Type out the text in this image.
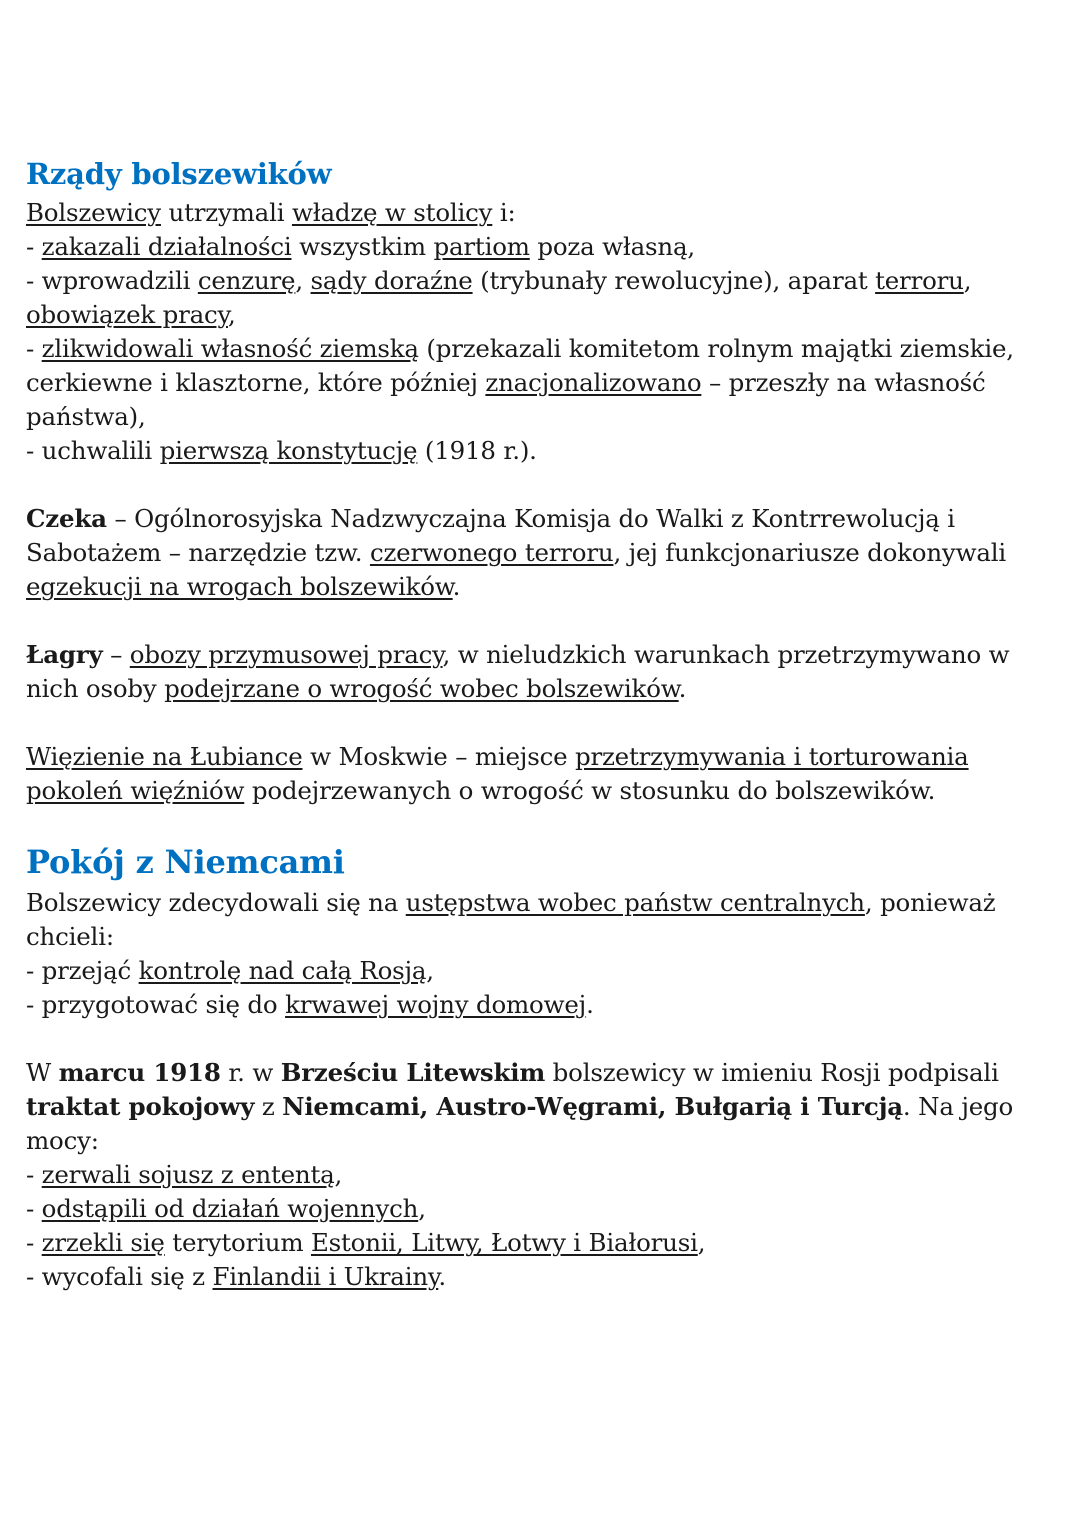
Rządy bolszewików

Bolszewicy utrzymali władzę w stolicy i:

- zakazali działalności wszystkim partiom poza własną,

- wprowadzili cenzurę, sądy doraźne (trybunały rewolucyjne), aparat terroru, obowiązek pracy,

- zlikwidowali własność ziemską (przekazali komitetom rolnym majątki ziemskie, cerkiewne i klasztorne, które później znacjonalizowano – przeszły na własność państwa),

- uchwalili pierwszą konstytucję (1918 r.).

Czeka – Ogólnorosyjska Nadzwyczajna Komisja do Walki z Kontrrewolucją i Sabotażem – narzędzie tzw. czerwonego terroru, jej funkcjonariusze dokonywali egzekucji na wrogach bolszewików.

Łagry – obozy przymusowej pracy, w nieludzkich warunkach przetrzymywano w nich osoby podejrzane o wrogość wobec bolszewików.

Więzienie na Łubiance w Moskwie – miejsce przetrzymywania i torturowania pokoleń więźniów podejrzewanych o wrogość w stosunku do bolszewików.

Pokój z Niemcami

Bolszewicy zdecydowali się na ustępstwa wobec państw centralnych, ponieważ chcieli:

- przejąć kontrolę nad całą Rosją,

- przygotować się do krwawej wojny domowej.

W marcu 1918 r. w Brześciu Litewskim bolszewicy w imieniu Rosji podpisali traktat pokojowy z Niemcami, Austro-Węgrami, Bułgarią i Turcją. Na jego mocy:

- zerwali sojusz z ententą,

- odstąpili od działań wojennych,

- zrzekli się terytorium Estonii, Litwy, Łotwy i Białorusi,

- wycofali się z Finlandii i Ukrainy.
